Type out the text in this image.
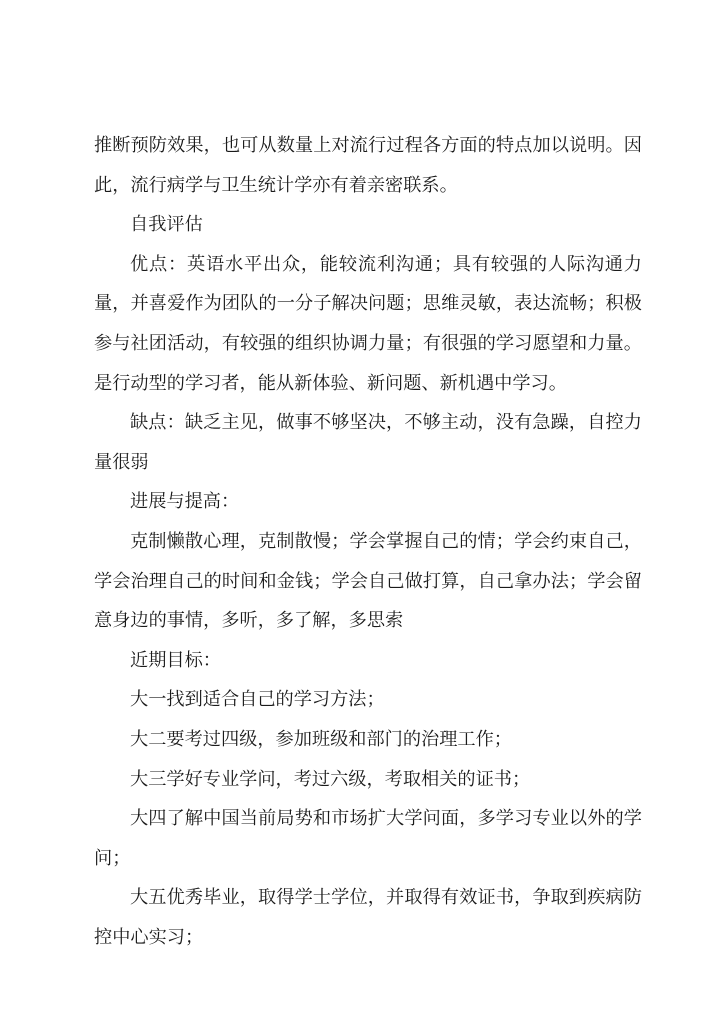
推断预防效果，也可从数量上对流行过程各方面的特点加以说明。因此，流行病学与卫生统计学亦有着亲密联系。

自我评估

优点：英语水平出众，能较流利沟通；具有较强的人际沟通力量，并喜爱作为团队的一分子解决问题；思维灵敏，表达流畅；积极参与社团活动，有较强的组织协调力量；有很强的学习愿望和力量。是行动型的学习者，能从新体验、新问题、新机遇中学习。

缺点：缺乏主见，做事不够坚决，不够主动，没有急躁，自控力量很弱

进展与提高：

克制懒散心理，克制散慢；学会掌握自己的情；学会约束自己，学会治理自己的时间和金钱；学会自己做打算，自己拿办法；学会留意身边的事情，多听，多了解，多思索

近期目标：

大一找到适合自己的学习方法；

大二要考过四级，参加班级和部门的治理工作；

大三学好专业学问，考过六级，考取相关的证书；

大四了解中国当前局势和市场扩大学问面，多学习专业以外的学问；

大五优秀毕业，取得学士学位，并取得有效证书，争取到疾病防控中心实习；
